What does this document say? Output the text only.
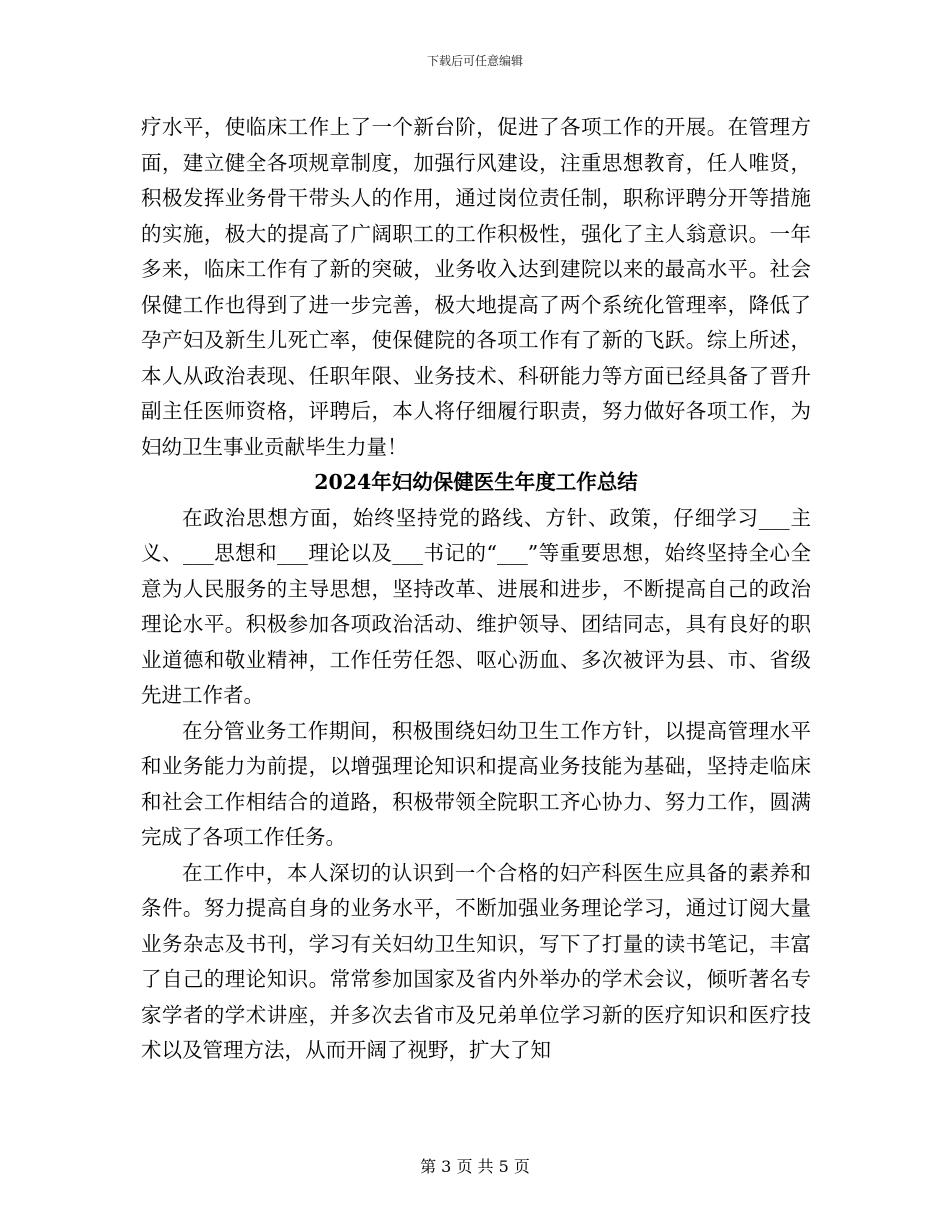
下载后可任意编辑

疗水平，使临床工作上了一个新台阶，促进了各项工作的开展。在管理方面，建立健全各项规章制度，加强行风建设，注重思想教育，任人唯贤，积极发挥业务骨干带头人的作用，通过岗位责任制，职称评聘分开等措施的实施，极大的提高了广阔职工的工作积极性，强化了主人翁意识。一年多来，临床工作有了新的突破，业务收入达到建院以来的最高水平。社会保健工作也得到了进一步完善，极大地提高了两个系统化管理率，降低了孕产妇及新生儿死亡率，使保健院的各项工作有了新的飞跃。综上所述，本人从政治表现、任职年限、业务技术、科研能力等方面已经具备了晋升副主任医师资格，评聘后，本人将仔细履行职责，努力做好各项工作，为妇幼卫生事业贡献毕生力量！

2024年妇幼保健医生年度工作总结

在政治思想方面，始终坚持党的路线、方针、政策，仔细学习___主义、___思想和___理论以及___书记的“___”等重要思想，始终坚持全心全意为人民服务的主导思想，坚持改革、进展和进步，不断提高自己的政治理论水平。积极参加各项政治活动、维护领导、团结同志，具有良好的职业道德和敬业精神，工作任劳任怨、呕心沥血、多次被评为县、市、省级先进工作者。

在分管业务工作期间，积极围绕妇幼卫生工作方针，以提高管理水平和业务能力为前提，以增强理论知识和提高业务技能为基础，坚持走临床和社会工作相结合的道路，积极带领全院职工齐心协力、努力工作，圆满完成了各项工作任务。

在工作中，本人深切的认识到一个合格的妇产科医生应具备的素养和条件。努力提高自身的业务水平，不断加强业务理论学习，通过订阅大量业务杂志及书刊，学习有关妇幼卫生知识，写下了打量的读书笔记，丰富了自己的理论知识。常常参加国家及省内外举办的学术会议，倾听著名专家学者的学术讲座，并多次去省市及兄弟单位学习新的医疗知识和医疗技术以及管理方法，从而开阔了视野，扩大了知

第 3 页 共 5 页
